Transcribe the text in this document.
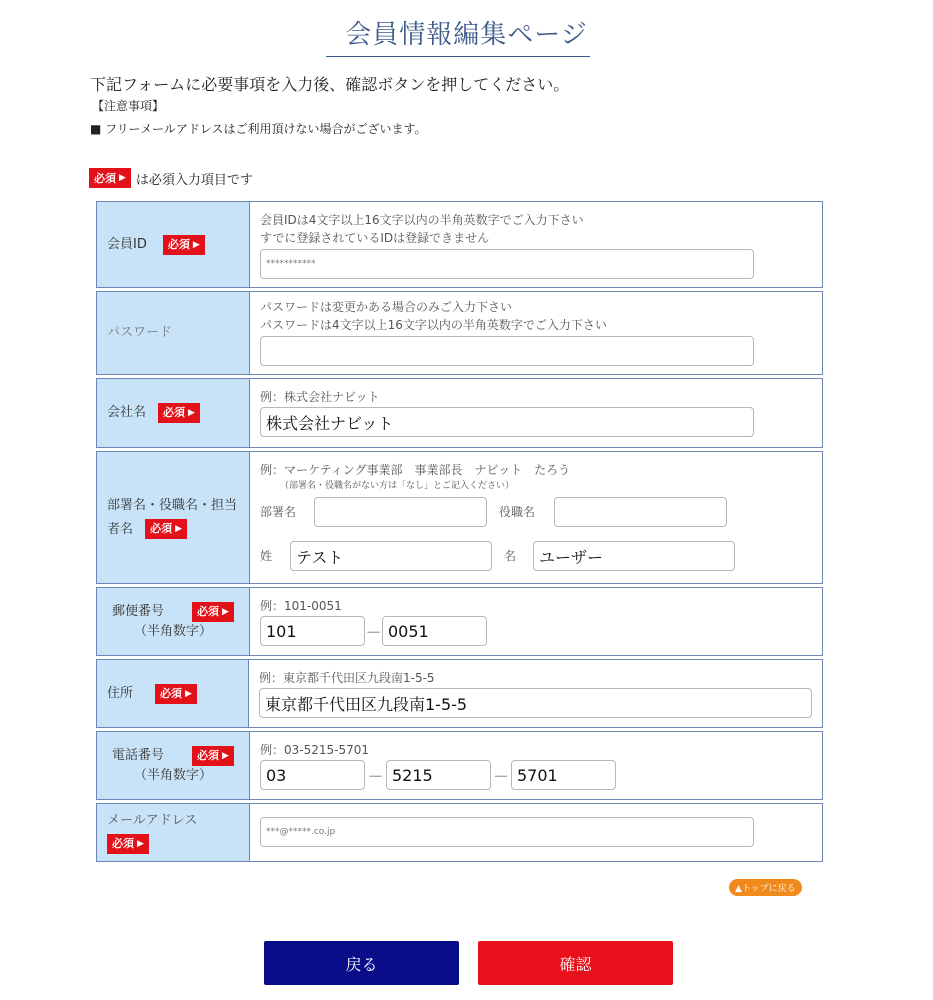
会員情報編集ページ
下記フォームに必要事項を入力後、確認ボタンを押してください。
【注意事項】
■ フリーメールアドレスはご利用頂けない場合がございます。
必須 ▶ は必須入力項目です
会員ID 必須 ▶
会員IDは4文字以上16文字以内の半角英数字でご入力下さい
すでに登録されているIDは登録できません
***********
パスワード
パスワードは変更かある場合のみご入力下さい
パスワードは4文字以上16文字以内の半角英数字でご入力下さい
会社名 必須 ▶
例：株式会社ナビット
株式会社ナビット
部署名・役職名・担当者名 必須 ▶
例：マーケティング事業部　事業部長　ナビット　たろう
（部署名・役職名がない方は「なし」とご記入ください）
部署名	役職名
姓	テスト	名	ユーザー
郵便番号	必須 ▶
（半角数字）
例：101-0051
101	－ 0051
住所 必須 ▶
例：東京都千代田区九段南1-5-5
東京都千代田区九段南1-5-5
電話番号	必須 ▶
（半角数字）
例：03-5215-5701
03	－ 5215	－ 5701
メールアドレス
必須 ▶
***@*****.co.jp
▲トップに戻る
戻る	確認
